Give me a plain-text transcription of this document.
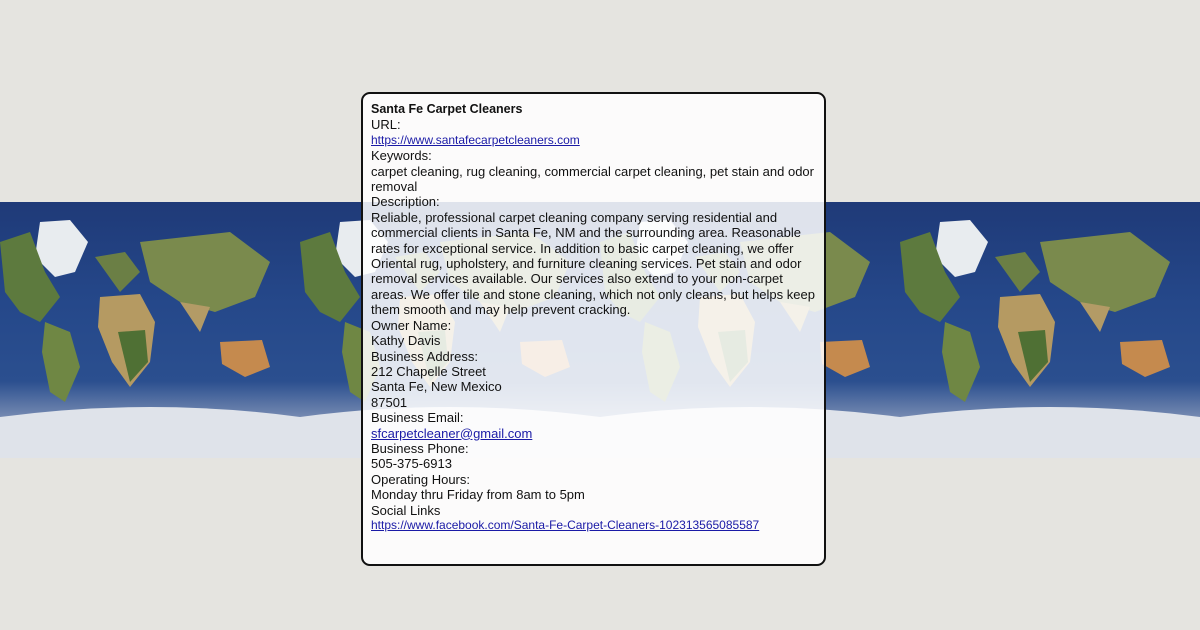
Santa Fe Carpet Cleaners
URL:
https://www.santafecarpetcleaners.com
Keywords:
carpet cleaning, rug cleaning, commercial carpet cleaning, pet stain and odor removal
Description:
Reliable, professional carpet cleaning company serving residential and commercial clients in Santa Fe, NM and the surrounding area. Reasonable rates for exceptional service. In addition to basic carpet cleaning, we offer Oriental rug, upholstery, and furniture cleaning services. Pet stain and odor removal services available. Our services also extend to your non-carpet areas. We offer tile and stone cleaning, which not only cleans, but helps keep them smooth and may help prevent cracking.
Owner Name:
Kathy Davis
Business Address:
212 Chapelle Street
Santa Fe, New Mexico
87501
Business Email:
sfcarpetcleaner@gmail.com
Business Phone:
505-375-6913
Operating Hours:
Monday thru Friday from 8am to 5pm
Social Links
https://www.facebook.com/Santa-Fe-Carpet-Cleaners-102313565085587
